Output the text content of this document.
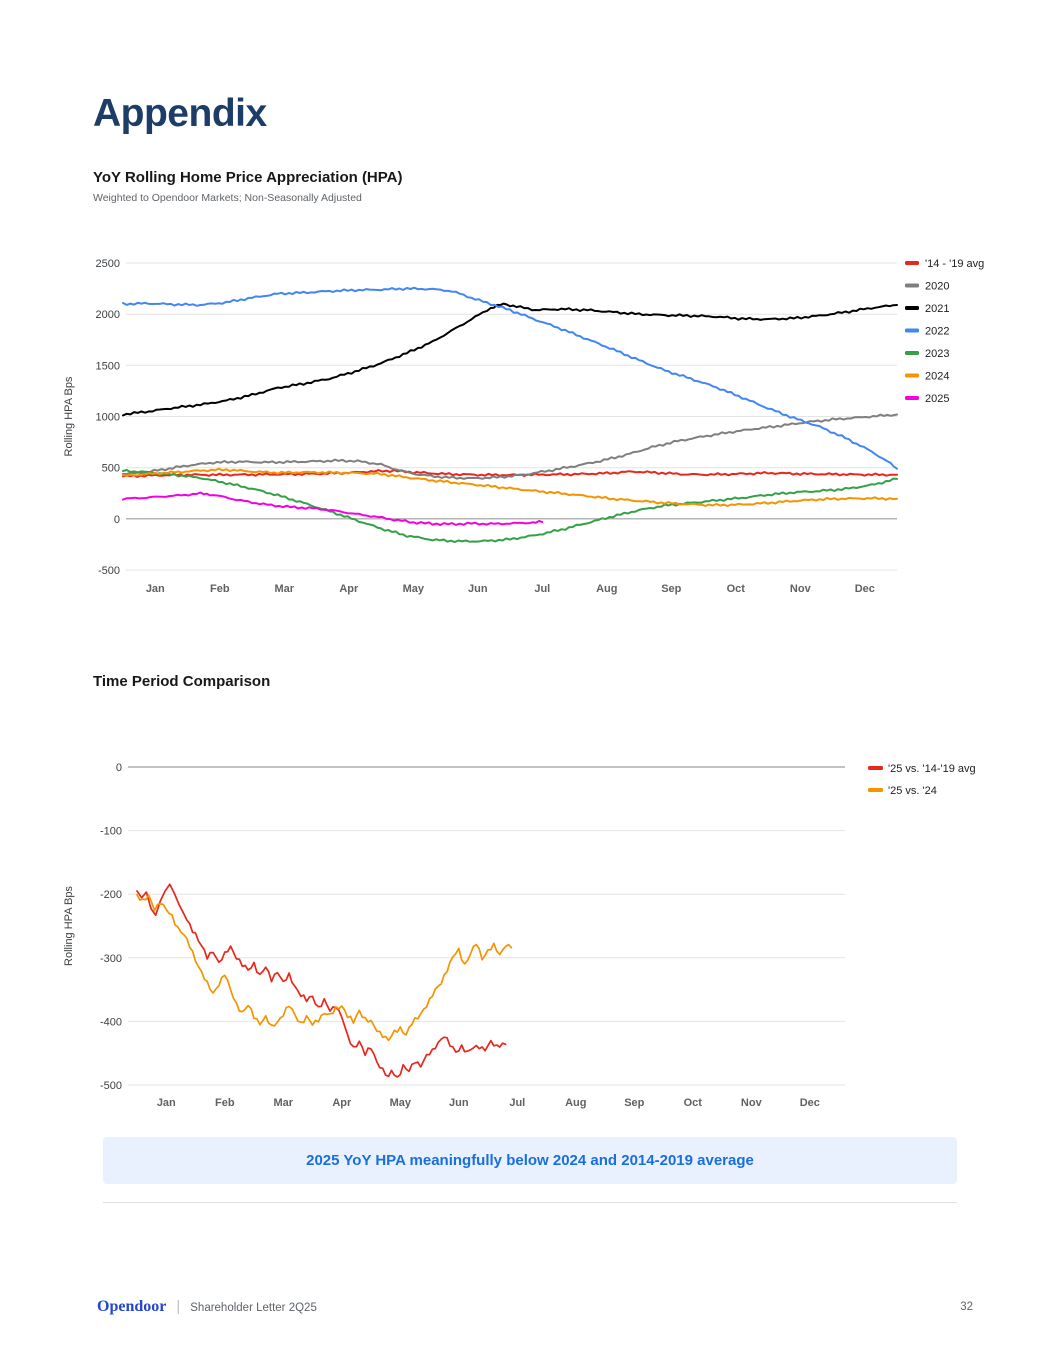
Appendix
YoY Rolling Home Price Appreciation (HPA)
Weighted to Opendoor Markets; Non-Seasonally Adjusted
2500
2000
1500
1000
500
0
-500
Jan	Feb	Mar	Apr	May	Jun	Jul	Aug	Sep	Oct	Nov	Dec
Rolling HPA Bps
'14 - '19 avg
2020
2021
2022
2023
2024
2025
Time Period Comparison
0
-100
-200
-300
-400
-500
Jan	Feb	Mar	Apr	May	Jun	Jul	Aug	Sep	Oct	Nov	Dec
Rolling HPA Bps
'25 vs. '14-'19 avg
'25 vs. '24
2025 YoY HPA meaningfully below 2024 and 2014-2019 average
Opendoor | Shareholder Letter 2Q25	32
